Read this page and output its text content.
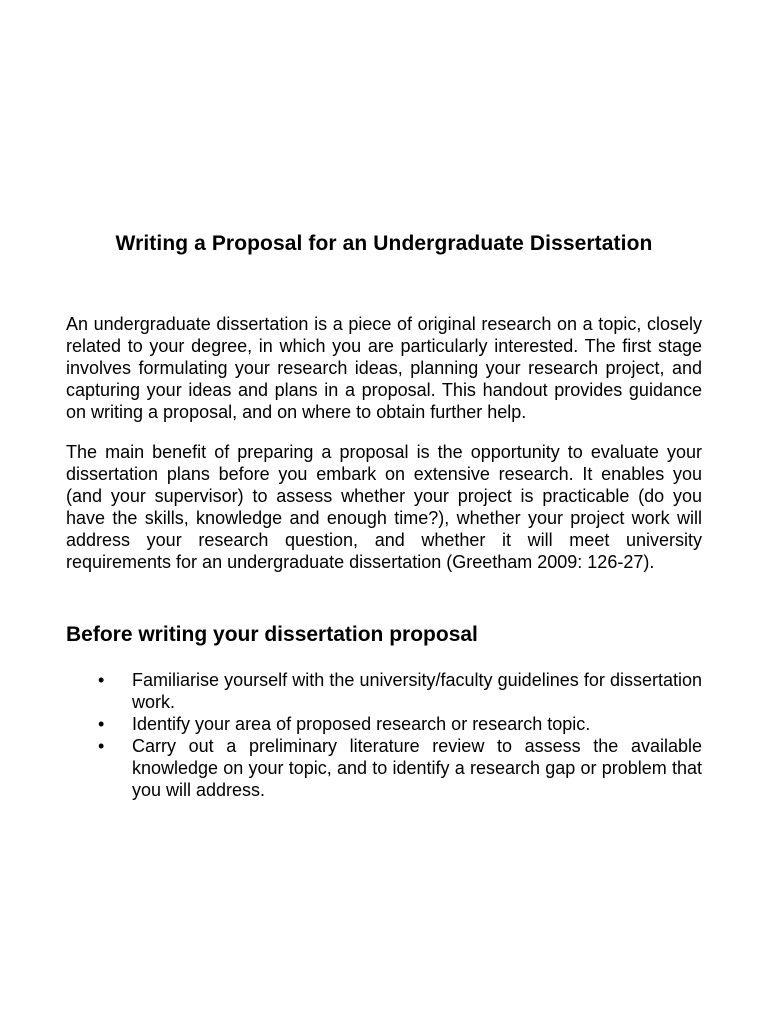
Writing a Proposal for an Undergraduate Dissertation

An undergraduate dissertation is a piece of original research on a topic, closely related to your degree, in which you are particularly interested. The first stage involves formulating your research ideas, planning your research project, and capturing your ideas and plans in a proposal. This handout provides guidance on writing a proposal, and on where to obtain further help.

The main benefit of preparing a proposal is the opportunity to evaluate your dissertation plans before you embark on extensive research. It enables you (and your supervisor) to assess whether your project is practicable (do you have the skills, knowledge and enough time?), whether your project work will address your research question, and whether it will meet university requirements for an undergraduate dissertation (Greetham 2009: 126-27).

Before writing your dissertation proposal
• Familiarise yourself with the university/faculty guidelines for dissertation work.
• Identify your area of proposed research or research topic.
• Carry out a preliminary literature review to assess the available knowledge on your topic, and to identify a research gap or problem that you will address.
